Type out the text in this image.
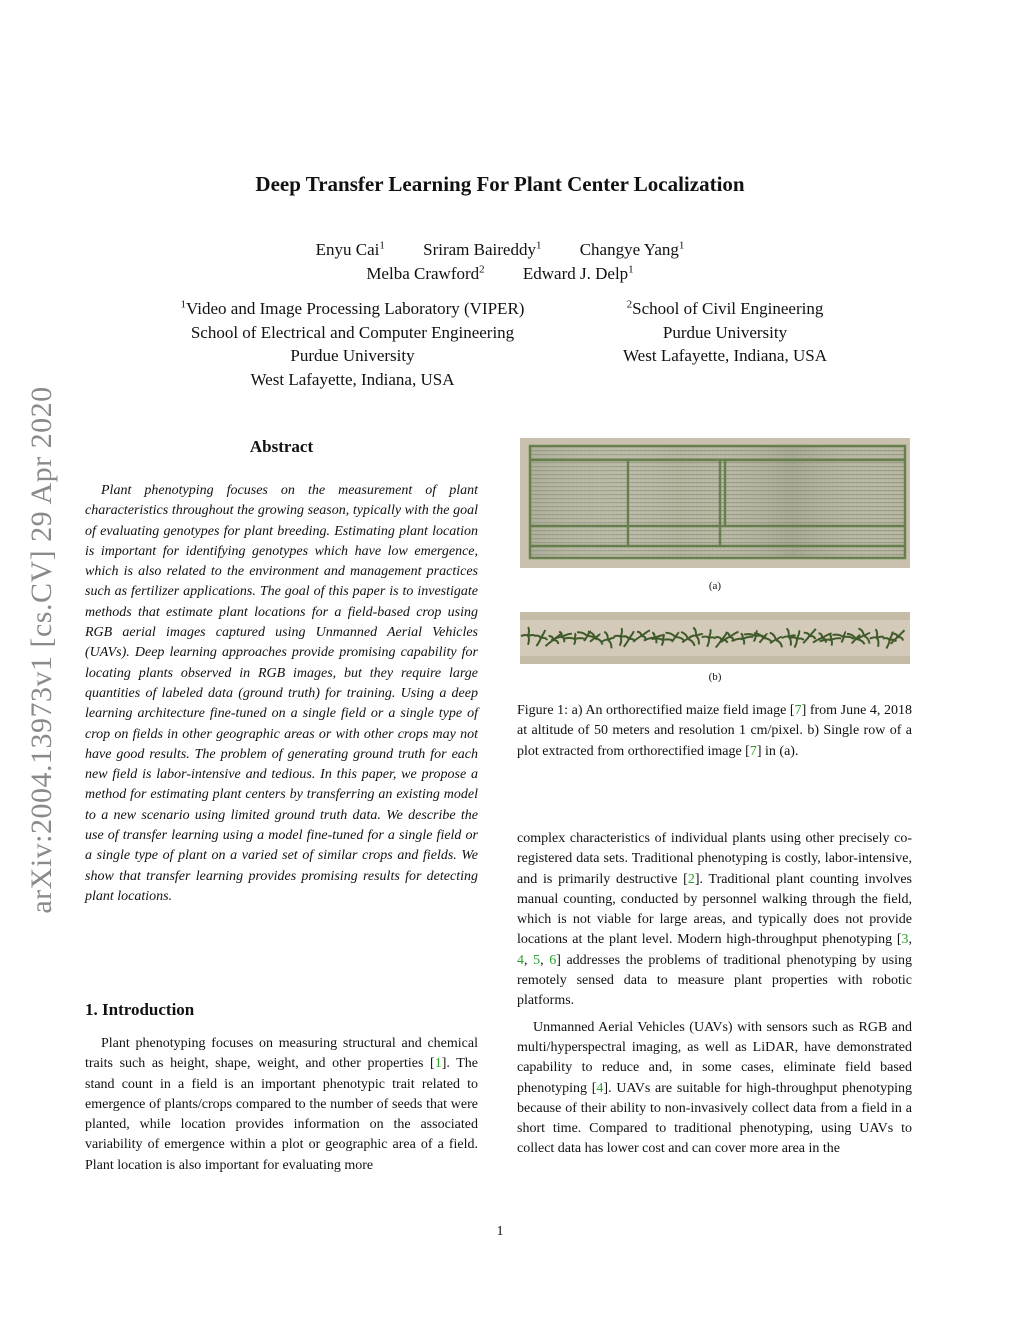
arXiv:2004.13973v1 [cs.CV] 29 Apr 2020
Deep Transfer Learning For Plant Center Localization
Enyu Cai$^1$ Sriram Baireddy$^1$ Changye Yang$^1$
Melba Crawford$^2$ Edward J. Delp$^1$
$^1$Video and Image Processing Laboratory (VIPER)
School of Electrical and Computer Engineering
Purdue University
West Lafayette, Indiana, USA
$^2$School of Civil Engineering
Purdue University
West Lafayette, Indiana, USA
Abstract

Plant phenotyping focuses on the measurement of plant characteristics throughout the growing season, typically with the goal of evaluating genotypes for plant breeding. Estimating plant location is important for identifying genotypes which have low emergence, which is also related to the environment and management practices such as fertilizer applications. The goal of this paper is to investigate methods that estimate plant locations for a field-based crop using RGB aerial images captured using Unmanned Aerial Vehicles (UAVs). Deep learning approaches provide promising capability for locating plants observed in RGB images, but they require large quantities of labeled data (ground truth) for training. Using a deep learning architecture fine-tuned on a single field or a single type of crop on fields in other geographic areas or with other crops may not have good results. The problem of generating ground truth for each new field is labor-intensive and tedious. In this paper, we propose a method for estimating plant centers by transferring an existing model to a new scenario using limited ground truth data. We describe the use of transfer learning using a model fine-tuned for a single field or a single type of plant on a varied set of similar crops and fields. We show that transfer learning provides promising results for detecting plant locations.

1. Introduction

Plant phenotyping focuses on measuring structural and chemical traits such as height, shape, weight, and other properties [1]. The stand count in a field is an important phenotypic trait related to emergence of plants/crops compared to the number of seeds that were planted, while location provides information on the associated variability of emergence within a plot or geographic area of a field. Plant location is also important for evaluating more

(a)
(b)
Figure 1: a) An orthorectified maize field image [7] from June 4, 2018 at altitude of 50 meters and resolution 1 cm/pixel. b) Single row of a plot extracted from orthorectified image [7] in (a).

complex characteristics of individual plants using other precisely co-registered data sets. Traditional phenotyping is costly, labor-intensive, and is primarily destructive [2]. Traditional plant counting involves manual counting, conducted by personnel walking through the field, which is not viable for large areas, and typically does not provide locations at the plant level. Modern high-throughput phenotyping [3, 4, 5, 6] addresses the problems of traditional phenotyping by using remotely sensed data to measure plant properties with robotic platforms.

Unmanned Aerial Vehicles (UAVs) with sensors such as RGB and multi/hyperspectral imaging, as well as LiDAR, have demonstrated capability to reduce and, in some cases, eliminate field based phenotyping [4]. UAVs are suitable for high-throughput phenotyping because of their ability to non-invasively collect data from a field in a short time. Compared to traditional phenotyping, using UAVs to collect data has lower cost and can cover more area in the

1
